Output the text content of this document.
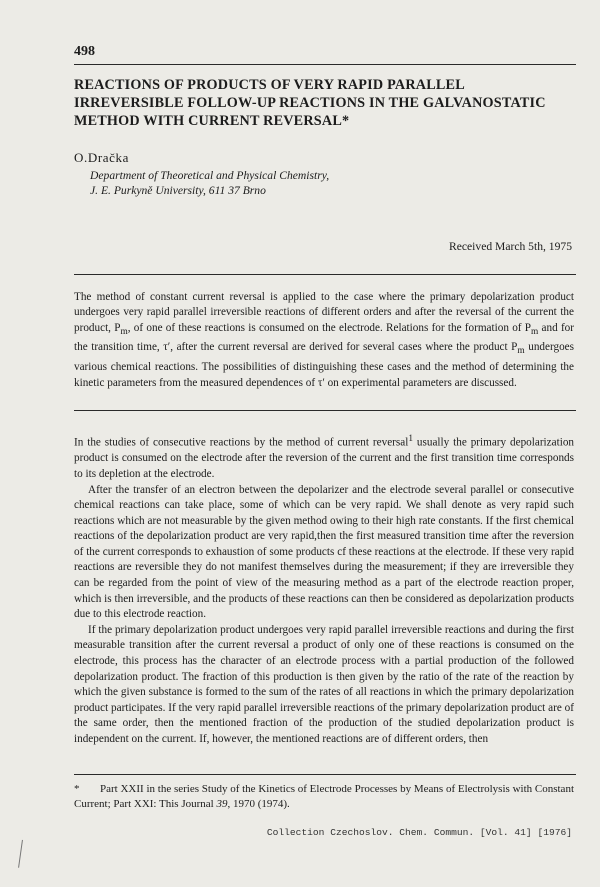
498
REACTIONS OF PRODUCTS OF VERY RAPID PARALLEL IRREVERSIBLE FOLLOW-UP REACTIONS IN THE GALVANOSTATIC METHOD WITH CURRENT REVERSAL*
O.Dračka
Department of Theoretical and Physical Chemistry,
J. E. Purkyně University, 611 37 Brno
Received March 5th, 1975

The method of constant current reversal is applied to the case where the primary depolarization product undergoes very rapid parallel irreversible reactions of different orders and after the reversal of the current the product, $P_m$, of one of these reactions is consumed on the electrode. Relations for the formation of $P_m$ and for the transition time, τ′, after the current reversal are derived for several cases where the product $P_m$ undergoes various chemical reactions. The possibilities of distinguishing these cases and the method of determining the kinetic parameters from the measured dependences of τ′ on experimental parameters are discussed.

In the studies of consecutive reactions by the method of current reversal$^1$ usually the primary depolarization product is consumed on the electrode after the reversion of the current and the first transition time corresponds to its depletion at the electrode.

After the transfer of an electron between the depolarizer and the electrode several parallel or consecutive chemical reactions can take place, some of which can be very rapid. We shall denote as very rapid such reactions which are not measurable by the given method owing to their high rate constants. If the first chemical reactions of the depolarization product are very rapid,then the first measured transition time after the reversion of the current corresponds to exhaustion of some products cf these reactions at the electrode. If these very rapid reactions are reversible they do not manifest themselves during the measurement; if they are irreversible they can be regarded from the point of view of the measuring method as a part of the electrode reaction proper, which is then irreversible, and the products of these reactions can then be considered as depolarization products due to this electrode reaction.

If the primary depolarization product undergoes very rapid parallel irreversible reactions and during the first measurable transition after the current reversal a product of only one of these reactions is consumed on the electrode, this process has the character of an electrode process with a partial production of the followed depolarization product. The fraction of this production is then given by the ratio of the rate of the reaction by which the given substance is formed to the sum of the rates of all reactions in which the primary depolarization product participates. If the very rapid parallel irreversible reactions of the primary depolarization product are of the same order, then the mentioned fraction of the production of the studied depolarization product is independent on the current. If, however, the mentioned reactions are of different orders, then

* Part XXII in the series Study of the Kinetics of Electrode Processes by Means of Electrolysis with Constant Current; Part XXI: This Journal 39, 1970 (1974).

Collection Czechoslov. Chem. Commun. [Vol. 41] [1976]
